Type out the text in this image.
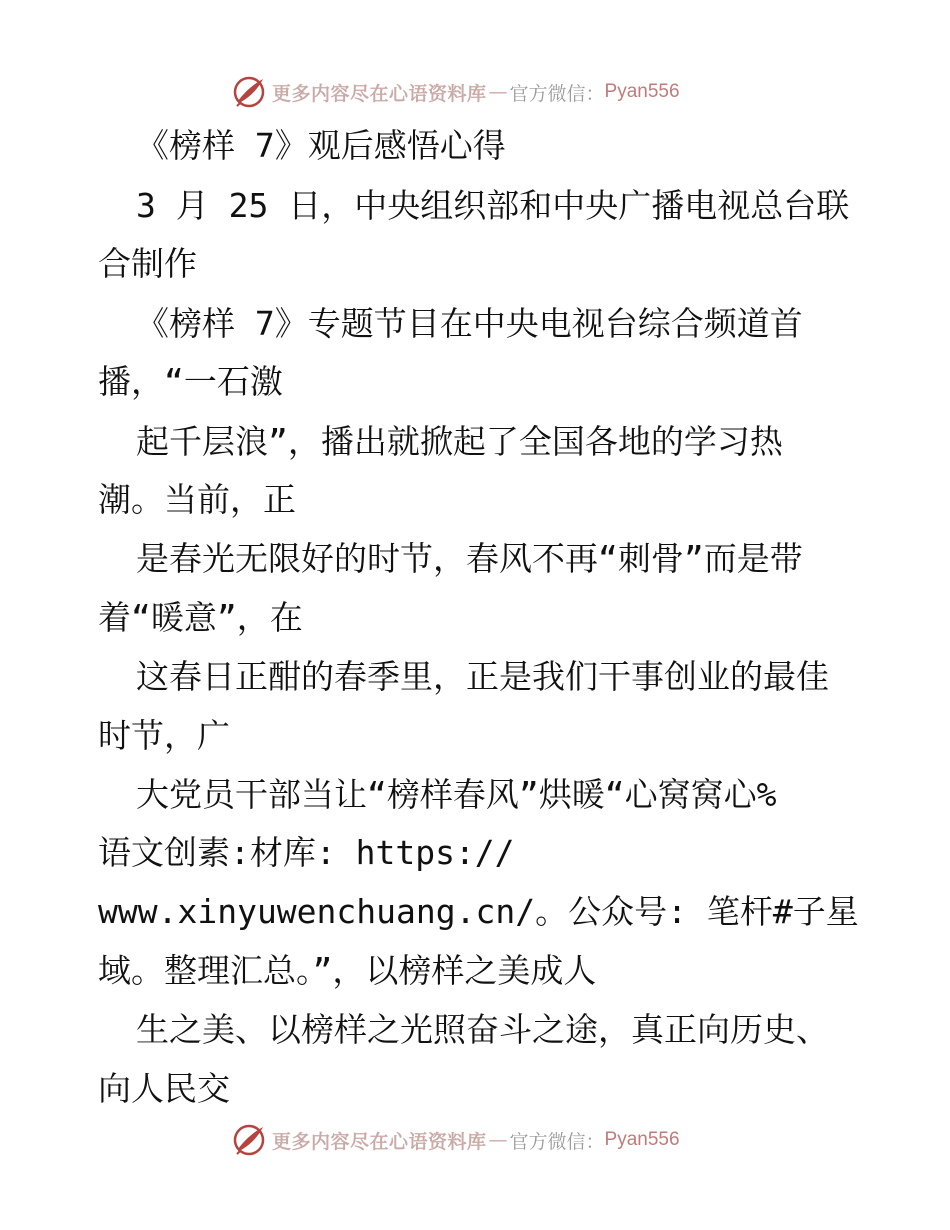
更多内容尽在心语资料库 — 官方微信： Pyan556
《榜样 7》观后感悟心得
3 月 25 日，中央组织部和中央广播电视总台联
合制作
《榜样 7》专题节目在中央电视台综合频道首
播，“一石激
起千层浪”，播出就掀起了全国各地的学习热
潮。当前，正
是春光无限好的时节，春风不再“刺骨”而是带
着“暖意”，在
这春日正酣的春季里，正是我们干事创业的最佳
时节，广
大党员干部当让“榜样春风”烘暖“心窝窝心%
语文创素:材库: https://
www.xinyuwenchuang.cn/。公众号: 笔杆#子星
域。整理汇总。”，以榜样之美成人
生之美、以榜样之光照奋斗之途，真正向历史、
向人民交
更多内容尽在心语资料库 — 官方微信： Pyan556
